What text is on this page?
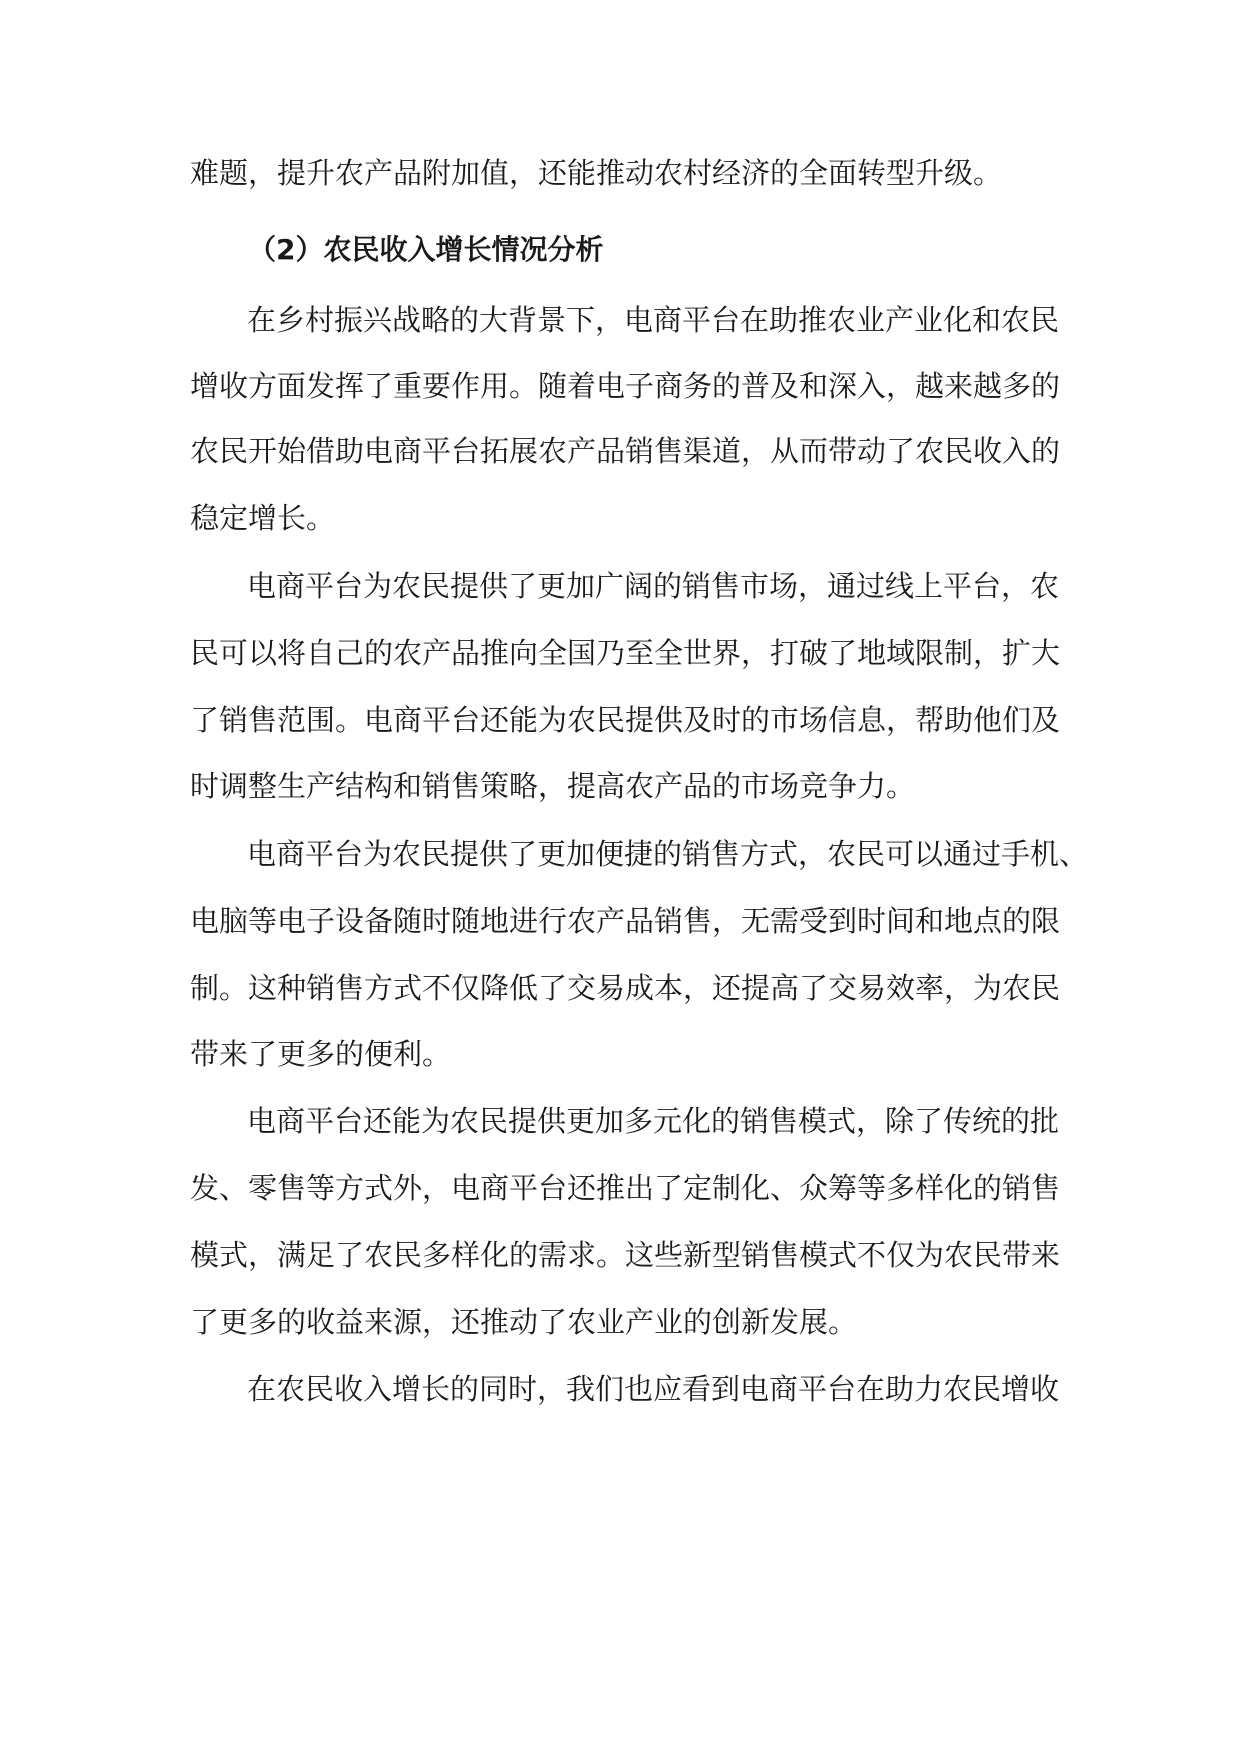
难题，提升农产品附加值，还能推动农村经济的全面转型升级。
（2）农民收入增长情况分析
在乡村振兴战略的大背景下，电商平台在助推农业产业化和农民
增收方面发挥了重要作用。随着电子商务的普及和深入，越来越多的
农民开始借助电商平台拓展农产品销售渠道，从而带动了农民收入的
稳定增长。
电商平台为农民提供了更加广阔的销售市场，通过线上平台，农
民可以将自己的农产品推向全国乃至全世界，打破了地域限制，扩大
了销售范围。电商平台还能为农民提供及时的市场信息，帮助他们及
时调整生产结构和销售策略，提高农产品的市场竞争力。
电商平台为农民提供了更加便捷的销售方式，农民可以通过手机、
电脑等电子设备随时随地进行农产品销售，无需受到时间和地点的限
制。这种销售方式不仅降低了交易成本，还提高了交易效率，为农民
带来了更多的便利。
电商平台还能为农民提供更加多元化的销售模式，除了传统的批
发、零售等方式外，电商平台还推出了定制化、众筹等多样化的销售
模式，满足了农民多样化的需求。这些新型销售模式不仅为农民带来
了更多的收益来源，还推动了农业产业的创新发展。
在农民收入增长的同时，我们也应看到电商平台在助力农民增收
